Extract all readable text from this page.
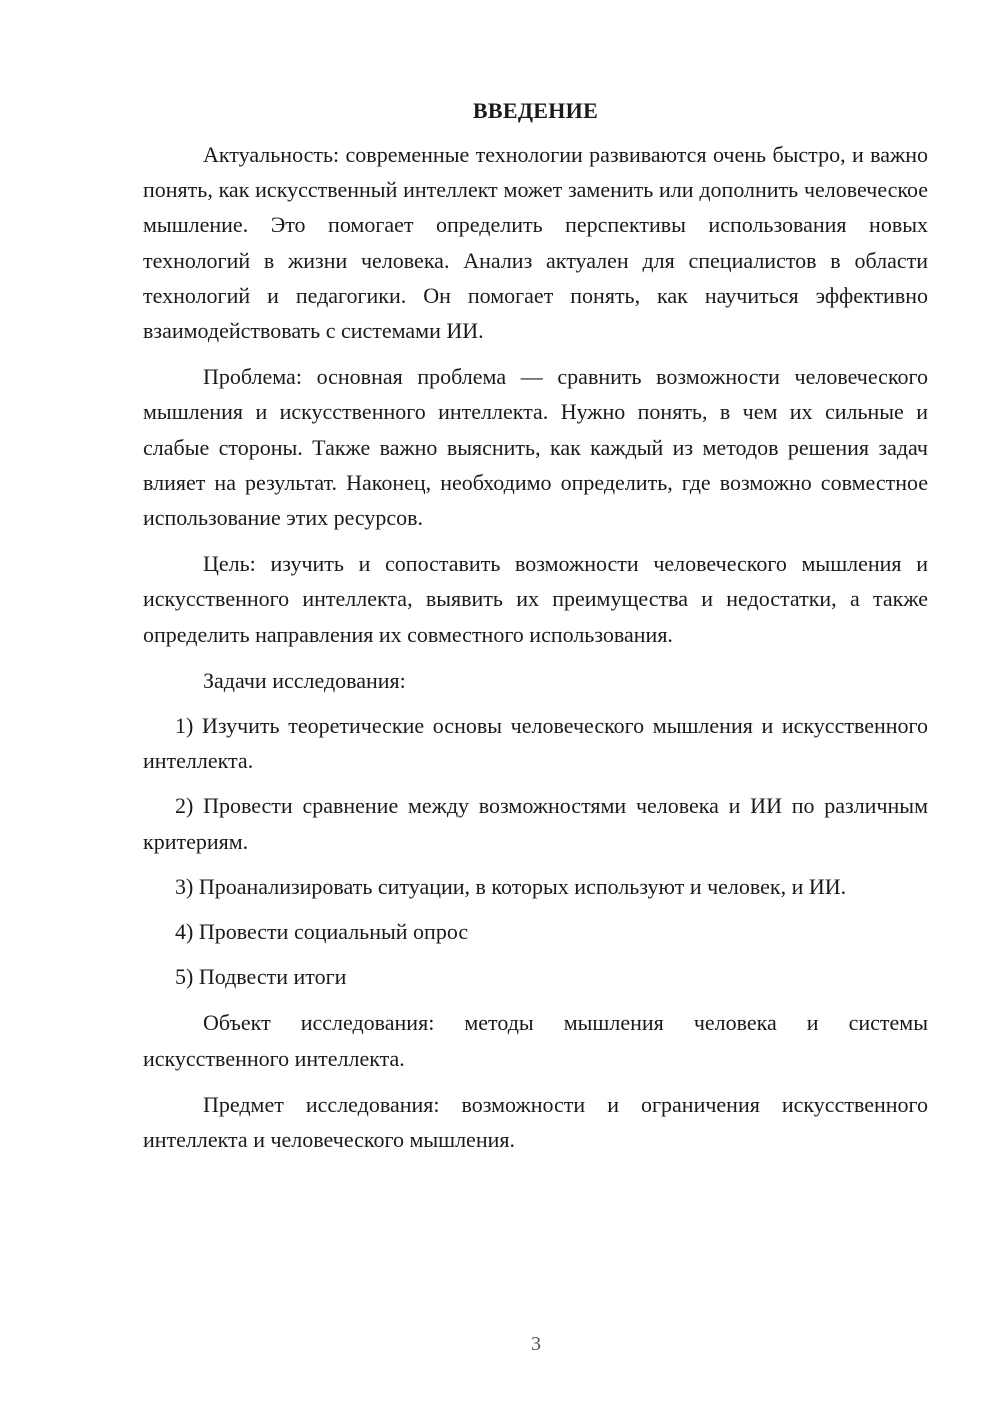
ВВЕДЕНИЕ

Актуальность: современные технологии развиваются очень быстро, и важно понять, как искусственный интеллект может заменить или дополнить человеческое мышление. Это помогает определить перспективы использования новых технологий в жизни человека. Анализ актуален для специалистов в области технологий и педагогики. Он помогает понять, как научиться эффективно взаимодействовать с системами ИИ.

Проблема: основная проблема — сравнить возможности человеческого мышления и искусственного интеллекта. Нужно понять, в чем их сильные и слабые стороны. Также важно выяснить, как каждый из методов решения задач влияет на результат. Наконец, необходимо определить, где возможно совместное использование этих ресурсов.

Цель: изучить и сопоставить возможности человеческого мышления и искусственного интеллекта, выявить их преимущества и недостатки, а также определить направления их совместного использования.

Задачи исследования:

1) Изучить теоретические основы человеческого мышления и искусственного интеллекта.

2) Провести сравнение между возможностями человека и ИИ по различным критериям.

3) Проанализировать ситуации, в которых используют и человек, и ИИ.

4) Провести социальный опрос

5) Подвести итоги

Объект исследования: методы мышления человека и системы искусственного интеллекта.

Предмет исследования: возможности и ограничения искусственного интеллекта и человеческого мышления.

3
